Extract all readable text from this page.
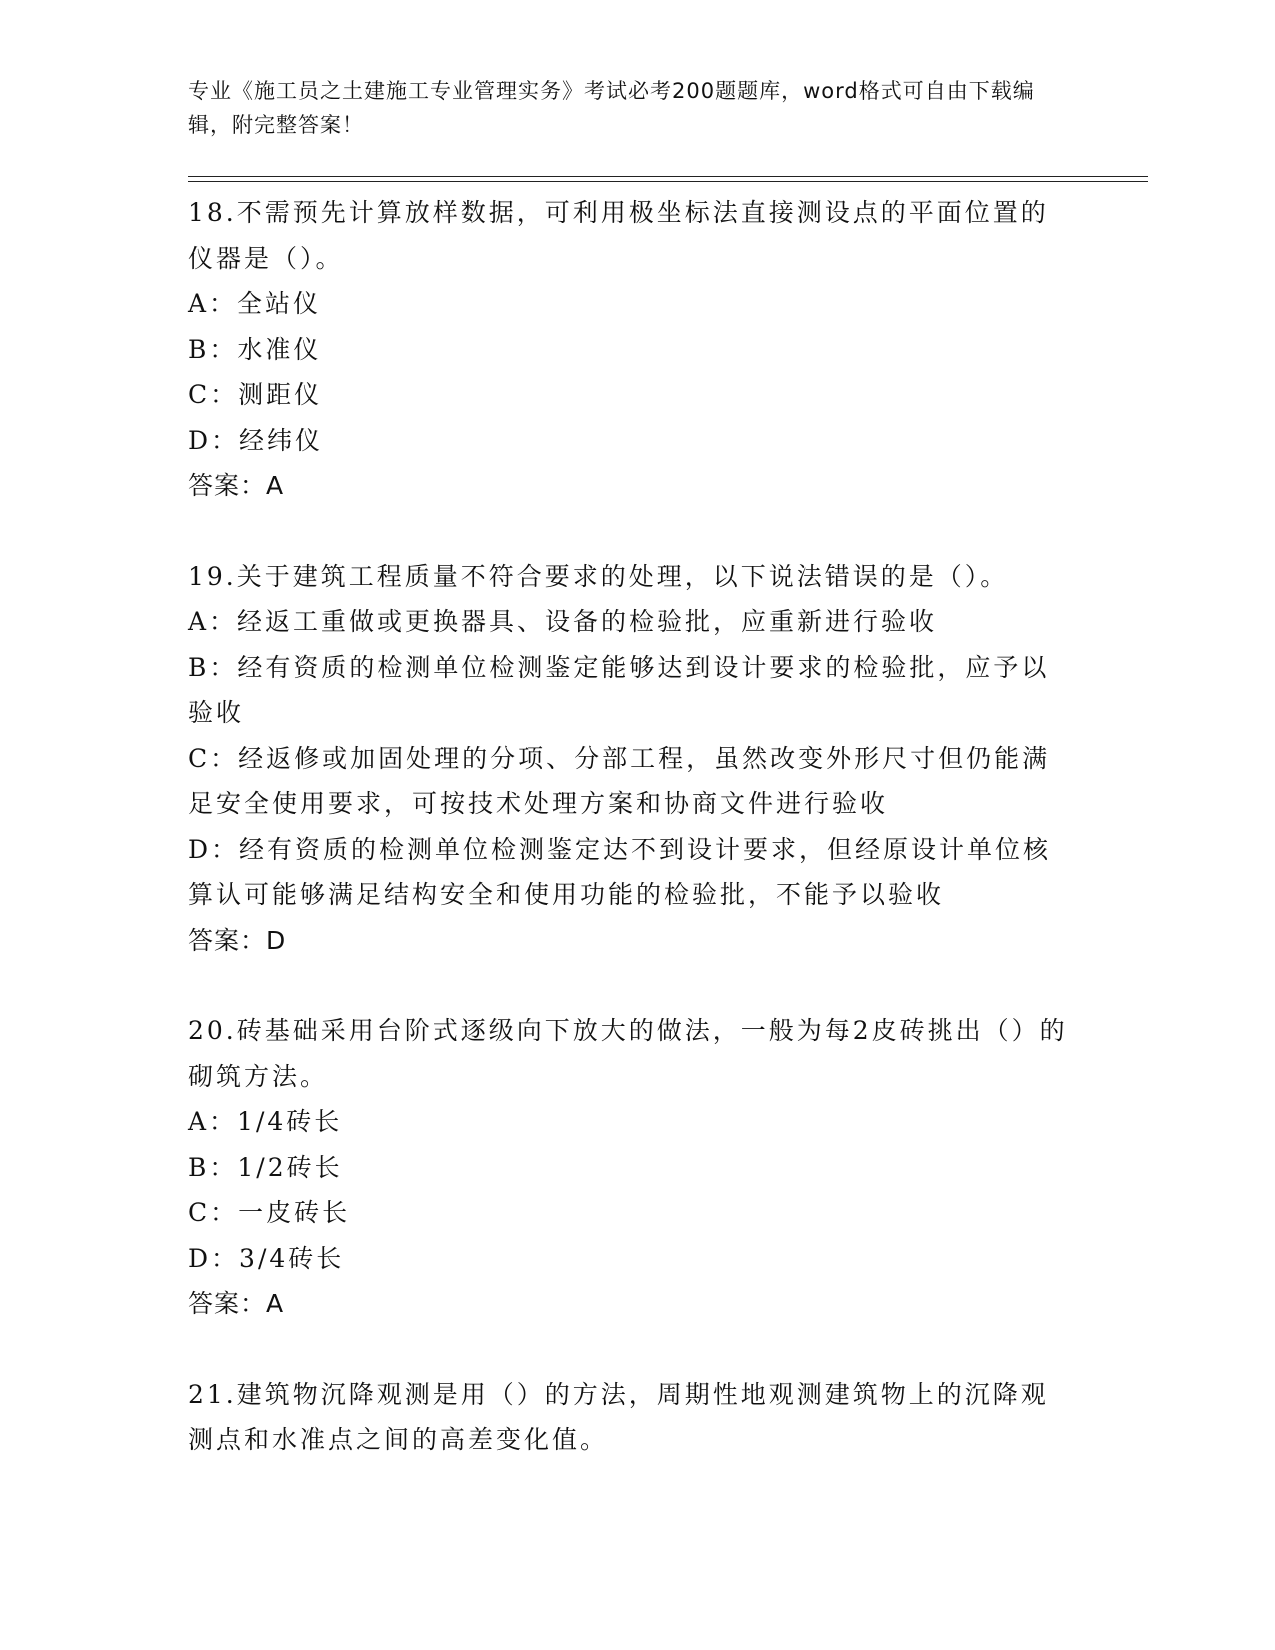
专业《施工员之土建施工专业管理实务》考试必考200题题库，word格式可自由下载编辑，附完整答案！
18.不需预先计算放样数据，可利用极坐标法直接测设点的平面位置的仪器是（）。
A：全站仪
B：水准仪
C：测距仪
D：经纬仪
答案：A
19.关于建筑工程质量不符合要求的处理，以下说法错误的是（）。
A：经返工重做或更换器具、设备的检验批，应重新进行验收
B：经有资质的检测单位检测鉴定能够达到设计要求的检验批，应予以验收
C：经返修或加固处理的分项、分部工程，虽然改变外形尺寸但仍能满足安全使用要求，可按技术处理方案和协商文件进行验收
D：经有资质的检测单位检测鉴定达不到设计要求，但经原设计单位核算认可能够满足结构安全和使用功能的检验批，不能予以验收
答案：D
20.砖基础采用台阶式逐级向下放大的做法，一般为每2皮砖挑出（）的砌筑方法。
A：1/4砖长
B：1/2砖长
C：一皮砖长
D：3/4砖长
答案：A
21.建筑物沉降观测是用（）的方法，周期性地观测建筑物上的沉降观测点和水准点之间的高差变化值。
